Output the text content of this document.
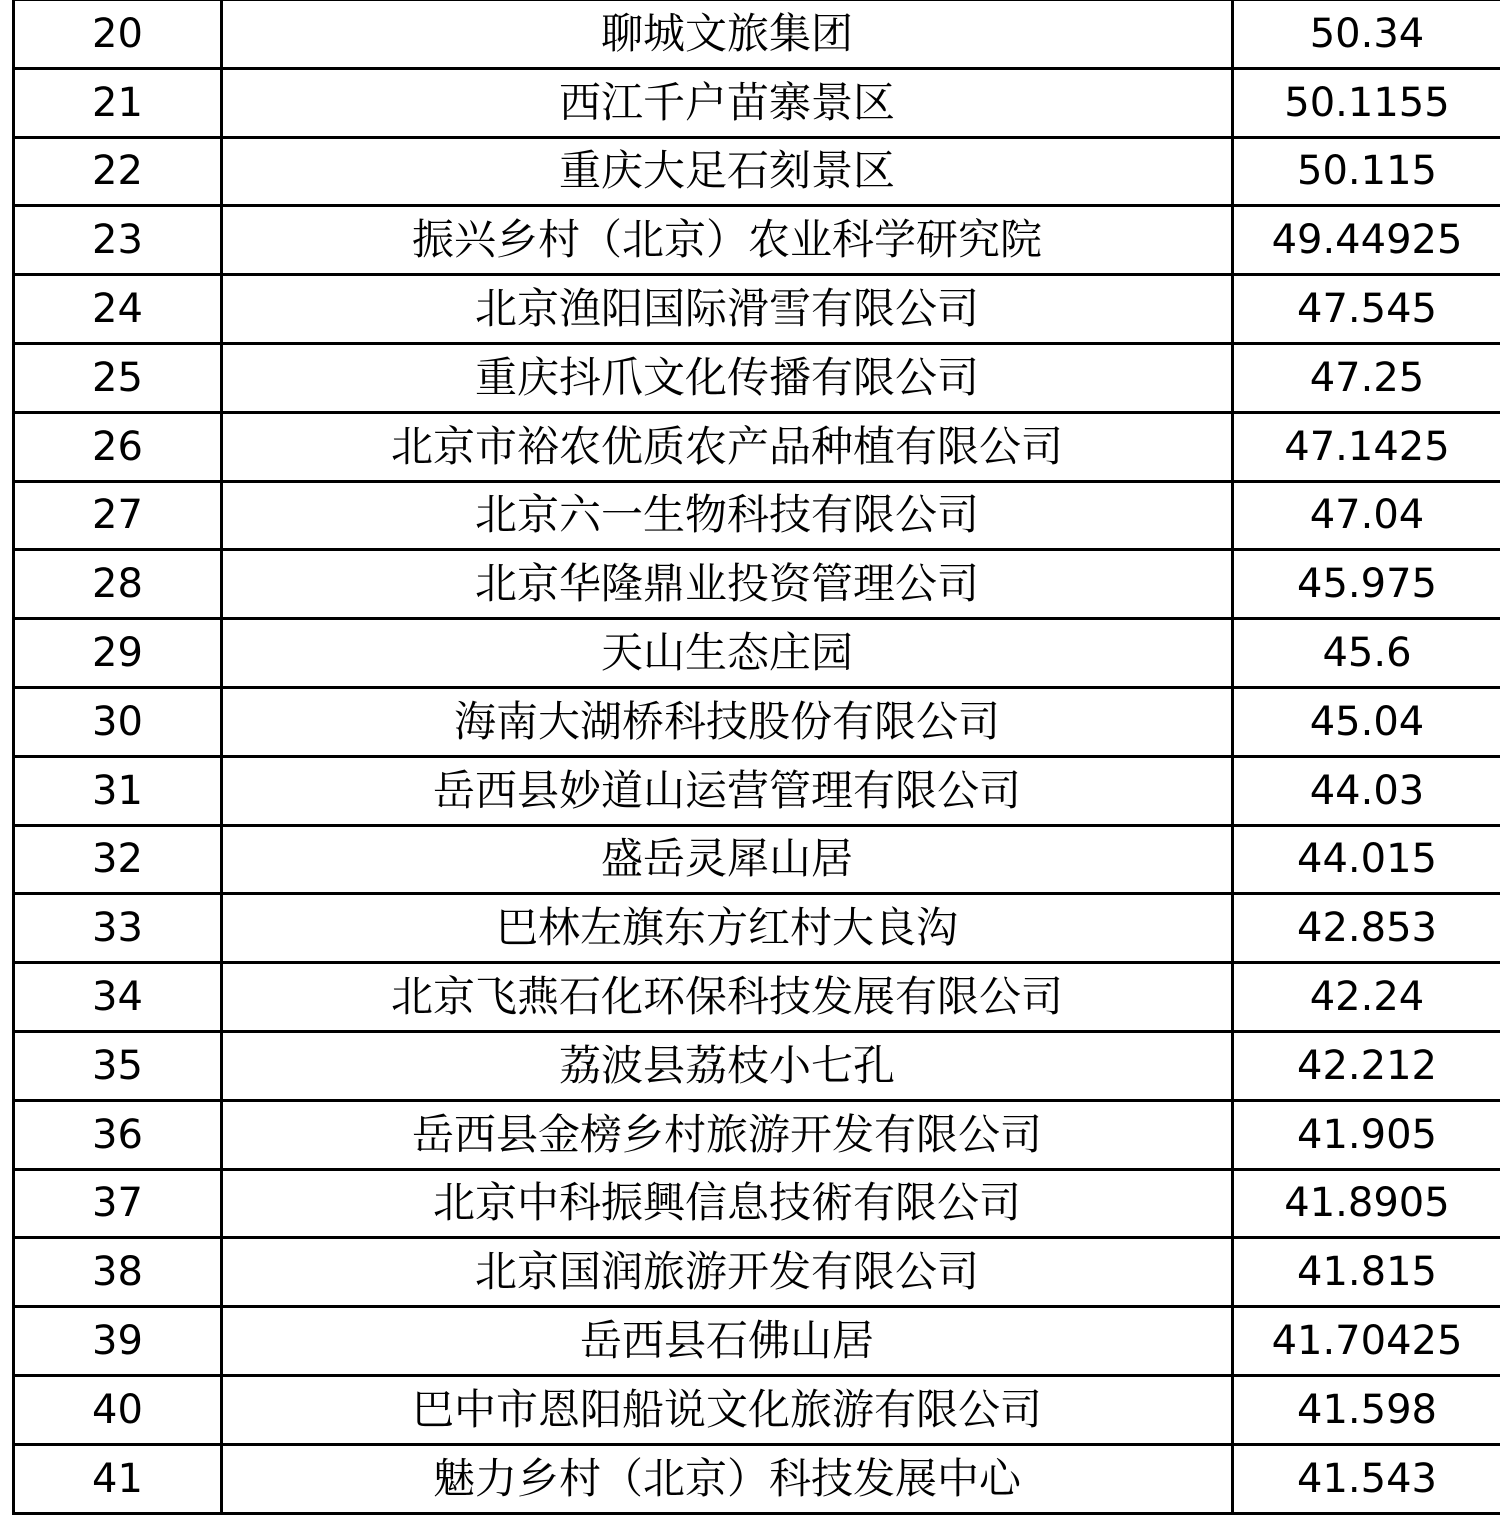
20	聊城文旅集团	50.34
21	西江千户苗寨景区	50.1155
22	重庆大足石刻景区	50.115
23	振兴乡村（北京）农业科学研究院	49.44925
24	北京渔阳国际滑雪有限公司	47.545
25	重庆抖爪文化传播有限公司	47.25
26	北京市裕农优质农产品种植有限公司	47.1425
27	北京六一生物科技有限公司	47.04
28	北京华隆鼎业投资管理公司	45.975
29	天山生态庄园	45.6
30	海南大湖桥科技股份有限公司	45.04
31	岳西县妙道山运营管理有限公司	44.03
32	盛岳灵犀山居	44.015
33	巴林左旗东方红村大良沟	42.853
34	北京飞燕石化环保科技发展有限公司	42.24
35	荔波县荔枝小七孔	42.212
36	岳西县金榜乡村旅游开发有限公司	41.905
37	北京中科振興信息技術有限公司	41.8905
38	北京国润旅游开发有限公司	41.815
39	岳西县石佛山居	41.70425
40	巴中市恩阳船说文化旅游有限公司	41.598
41	魅力乡村（北京）科技发展中心	41.543
